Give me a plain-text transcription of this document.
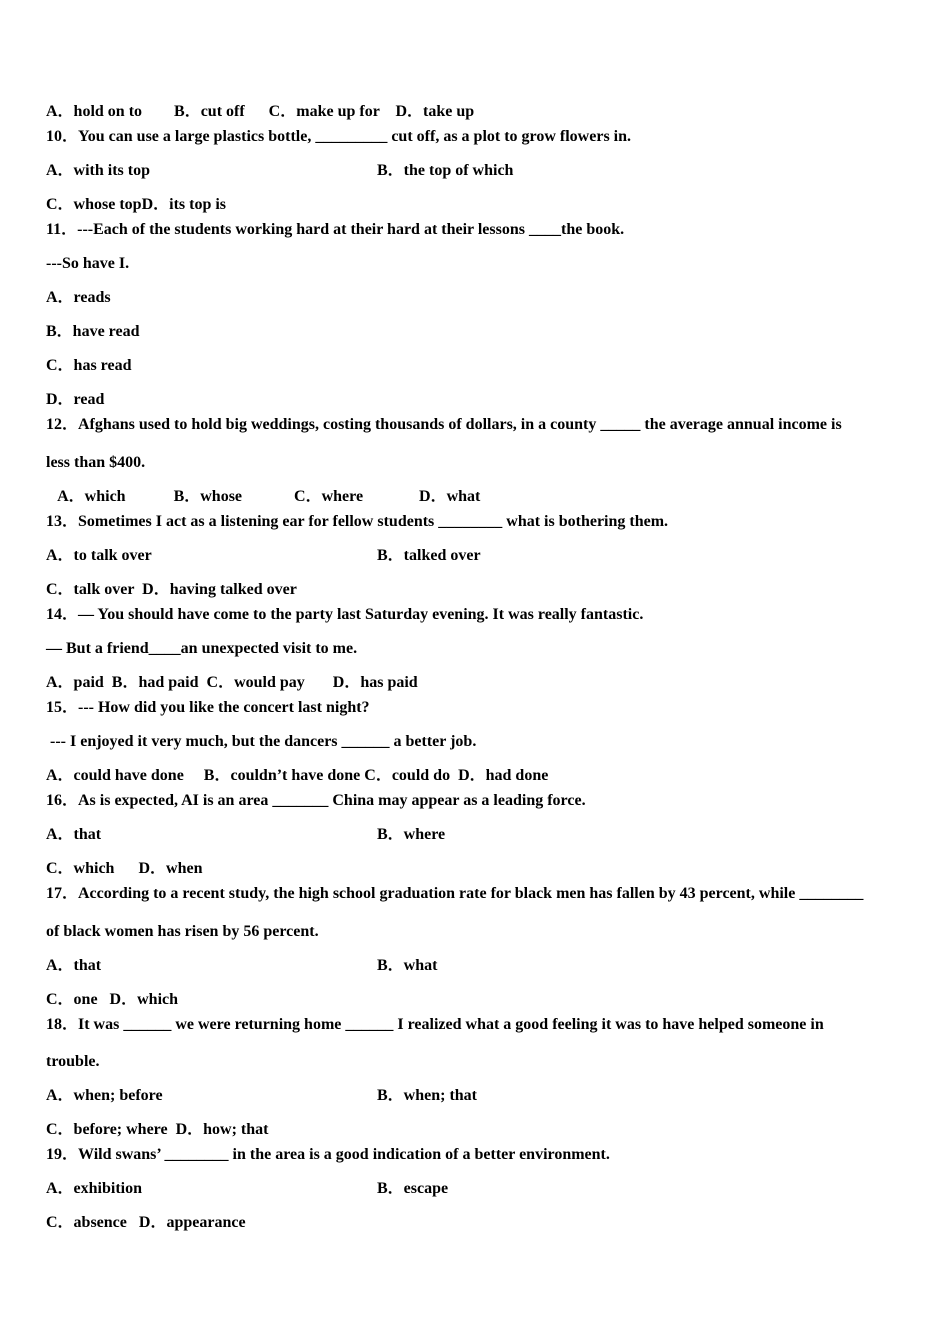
A．hold on to        B．cut off      C．make up for    D．take up
10．You can use a large plastics bottle, _________ cut off, as a plot to grow flowers in.
A．with its top	B．the top of which
C．whose topD．its top is
11．---Each of the students working hard at their hard at their lessons ____the book.
---So have I.
A．reads
B．have read
C．has read
D．read
12．Afghans used to hold big weddings, costing thousands of dollars, in a county _____ the average annual income is
less than $400.
A．which            B．whose             C．where              D．what
13．Sometimes I act as a listening ear for fellow students ________ what is bothering them.
A．to talk over	B．talked over
C．talk over  D．having talked over
14．— You should have come to the party last Saturday evening. It was really fantastic.
— But a friend____an unexpected visit to me.
A．paid  B．had paid  C．would pay       D．has paid
15．--- How did you like the concert last night?
--- I enjoyed it very much, but the dancers ______ a better job.
A．could have done     B．couldn’t have done C．could do  D．had done
16．As is expected, AI is an area _______ China may appear as a leading force.
A．that	B．where
C．which      D．when
17．According to a recent study, the high school graduation rate for black men has fallen by 43 percent, while ________
of black women has risen by 56 percent.
A．that	B．what
C．one   D．which
18．It was ______ we were returning home ______ I realized what a good feeling it was to have helped someone in
trouble.
A．when; before	B．when; that
C．before; where  D．how; that
19．Wild swans’ ________ in the area is a good indication of a better environment.
A．exhibition	B．escape
C．absence   D．appearance
